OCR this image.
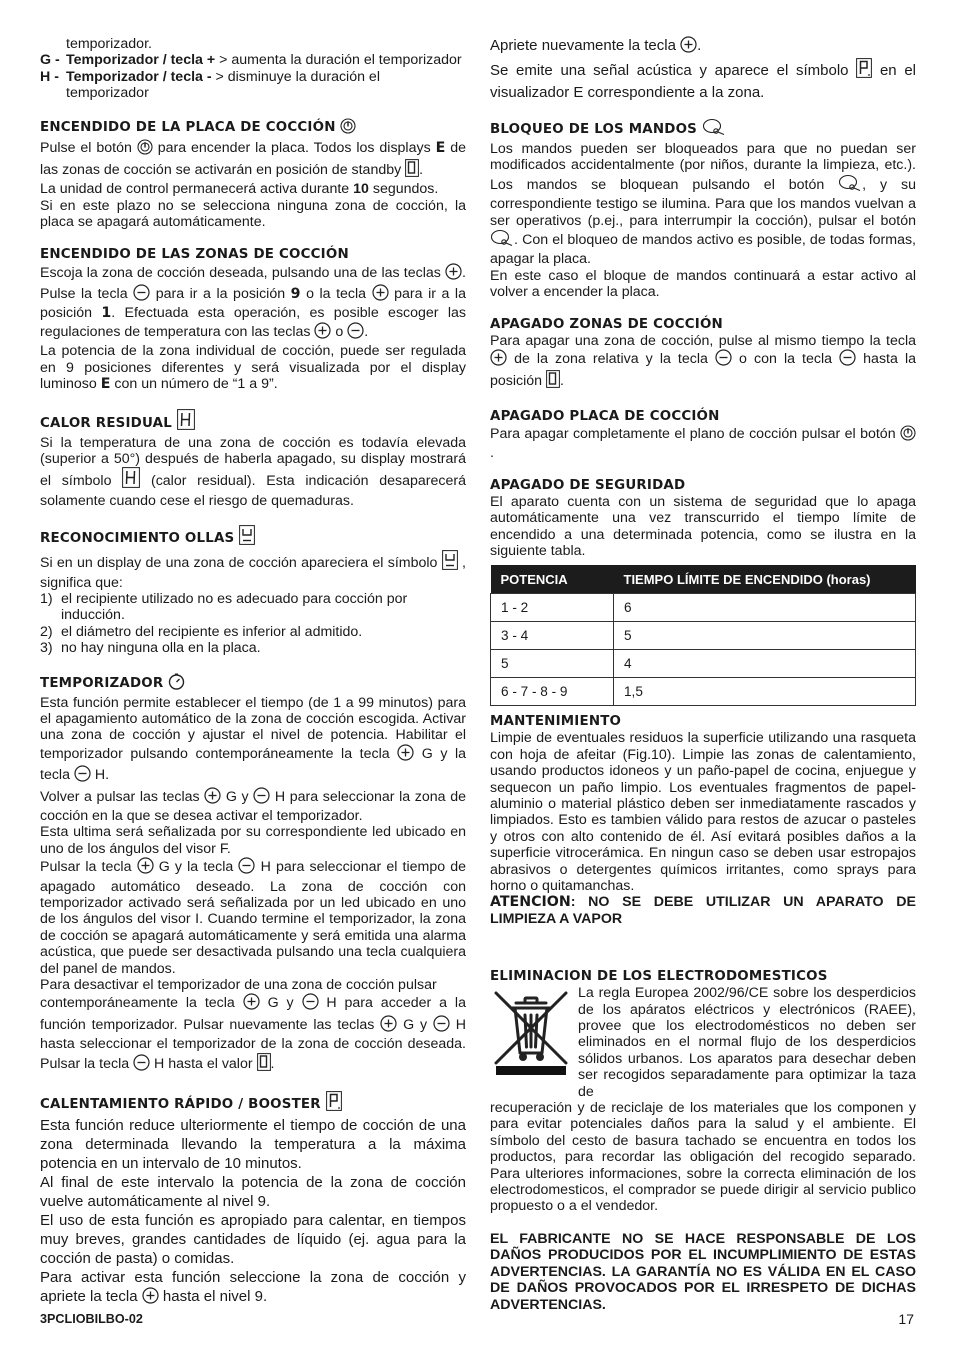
temporizador.
G - Temporizador / tecla + > aumenta la duración el temporizador
H - Temporizador / tecla - > disminuye la duración el temporizador
ENCENDIDO DE LA PLACA DE COCCIÓN

Pulse el botón para encender la placa. Todos los displays E de las zonas de cocción se activarán en posición de standby .

La unidad de control permanecerá activa durante 10 segundos.

Si en este plazo no se selecciona ninguna zona de cocción, la placa se apagará automáticamente.

ENCENDIDO DE LAS ZONAS DE COCCIÓN

Escoja la zona de cocción deseada, pulsando una de las teclas . Pulse la tecla para ir a la posición 9 o la tecla para ir a la posición 1. Efectuada esta operación, es posible escoger las regulaciones de temperatura con las teclas o .

La potencia de la zona individual de cocción, puede ser regulada en 9 posiciones diferentes y será visualizada por el display luminoso E con un número de “1 a 9”.

CALOR RESIDUAL

Si la temperatura de una zona de cocción es todavía elevada (superior a 50°) después de haberla apagado, su display mostrará el símbolo	(calor residual). Esta indicación desaparecerá solamente cuando cese el riesgo de quemaduras.

RECONOCIMIENTO OLLAS

Si en un display de una zona de cocción apareciera el símbolo , significa que:

1) el recipiente utilizado no es adecuado para cocción por inducción.
2) el diámetro del recipiente es inferior al admitido.
3) no hay ninguna olla en la placa.
TEMPORIZADOR

Esta función permite establecer el tiempo (de 1 a 99 minutos) para el apagamiento automático de la zona de cocción escogida. Activar una zona de cocción y ajustar el nivel de potencia. Habilitar el temporizador pulsando contemporáneamente la tecla G y la tecla H.

Volver a pulsar las teclas G y H para seleccionar la zona de cocción en la que se desea activar el temporizador.

Esta ultima será señalizada por su correspondiente led ubicado en uno de los ángulos del visor F.

Pulsar la tecla G y la tecla H para seleccionar el tiempo de apagado automático deseado. La zona de cocción con temporizador activado será señalizada por un led ubicado en uno de los ángulos del visor I. Cuando termine el temporizador, la zona de cocción se apagará automáticamente y será emitida una alarma acústica, que puede ser desactivada pulsando una tecla cualquiera del panel de mandos.

Para desactivar el temporizador de una zona de cocción pulsar

contemporáneamente la tecla G y H para acceder a la función temporizador. Pulsar nuevamente las teclas G y H hasta seleccionar el temporizador de la zona de cocción deseada. Pulsar la tecla  H hasta el valor .

CALENTAMIENTO RÁPIDO / BOOSTER

Esta función reduce ulteriormente el tiempo de cocción de una zona determinada llevando la temperatura a la máxima potencia en un intervalo de 10 minutos.

Al final de este intervalo la potencia de la zona de cocción vuelve automáticamente al nivel 9.

El uso de esta función es apropiado para calentar, en tiempos muy breves, grandes cantidades de líquido (ej. agua para la cocción de pasta) o comidas.

Para activar esta función seleccione la zona de cocción y apriete la tecla hasta el nivel 9.

Apriete nuevamente la tecla .

Se emite una señal acústica y aparece el símbolo en el visualizador E correspondiente a la zona.

BLOQUEO DE LOS MANDOS

Los mandos pueden ser bloqueados para que no puedan ser modificados accidentalmente (por niños, durante la limpieza, etc.). Los mandos se bloquean pulsando el botón	, y su correspondiente testigo se ilumina. Para que los mandos vuelvan a ser operativos (p.ej., para interrumpir la cocción), pulsar el botón . Con el bloqueo de mandos activo es posible, de todas formas, apagar la placa.

En este caso el bloque de mandos continuará a estar activo al volver a encender la placa.

APAGADO ZONAS DE COCCIÓN

Para apagar una zona de cocción, pulse al mismo tiempo la tecla  de la zona relativa y la tecla o con la tecla hasta la posición .

APAGADO PLACA DE COCCIÓN

Para apagar completamente el plano de cocción pulsar el botón  .

APAGADO DE SEGURIDAD

El aparato cuenta con un sistema de seguridad que lo apaga automáticamente una vez transcurrido el tiempo límite de encendido a una determinada potencia, como se ilustra en la siguiente tabla.

POTENCIA	TIEMPO LÍMITE DE ENCENDIDO (horas)
1 - 2	6
3 - 4	5
5	4
6 - 7 - 8 - 9	1,5
MANTENIMIENTO

Limpie de eventuales residuos la superficie utilizando una rasqueta con hoja de afeitar (Fig.10). Limpie las zonas de calentamiento, usando productos idoneos y un paño-papel de cocina, enjuegue y sequecon un paño limpio. Los eventuales fragmentos de papel-aluminio o material plástico deben ser inmediatamente rascados y limpiados. Esto es tambien válido para restos de azucar o pasteles y otros con alto contenido de él. Así evitará posibles daños a la superficie vitrocerámica. En ningun caso se deben usar estropajos abrasivos o detergentes químicos irritantes, como sprays para horno o quitamanchas.

ATENCION: NO SE DEBE UTILIZAR UN APARATO DE LIMPIEZA A VAPOR

ELIMINACION DE LOS ELECTRODOMESTICOS

La regla Europea 2002/96/CE sobre los desperdicios de los apáratos eléctricos y electrónicos (RAEE), provee que los electrodomésticos no deben ser eliminados en el normal flujo de los desperdicios sólidos urbanos. Los aparatos para desechar deben ser recogidos separadamente para optimizar la taza de

recuperación y de reciclaje de los materiales que los componen y para evitar potenciales daños para la salud y el ambiente. El símbolo del cesto de basura tachado se encuentra en todos los productos, para recordar las obligación del recogido separado. Para ulteriores informaciones, sobre la correcta eliminación de los electrodomesticos, el comprador se puede dirigir al servicio publico propuesto o a el vendedor.

EL FABRICANTE NO SE HACE RESPONSABLE DE LOS DAÑOS PRODUCIDOS POR EL INCUMPLIMIENTO DE ESTAS ADVERTENCIAS. LA GARANTÍA NO ES VÁLIDA EN EL CASO DE DAÑOS PROVOCADOS POR EL IRRESPETO DE DICHAS ADVERTENCIAS.

3PCLIOBILBO-02	17
